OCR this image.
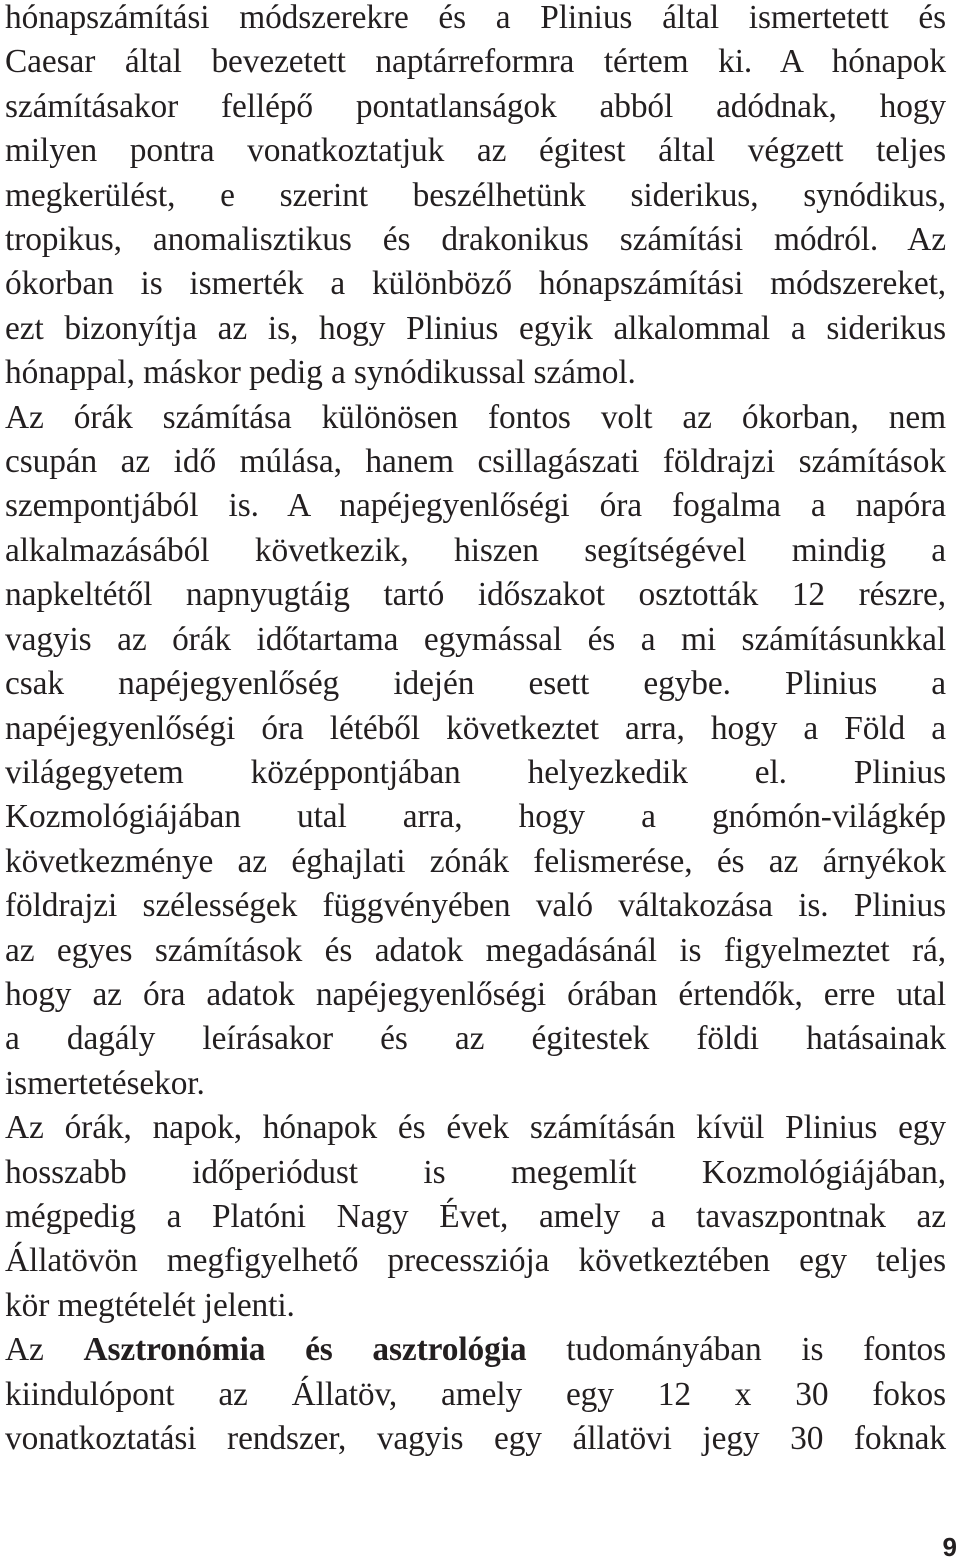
hónapszámítási módszerekre és a Plinius által ismertetett és
Caesar által bevezetett naptárreformra tértem ki. A hónapok
számításakor fellépő pontatlanságok abból adódnak, hogy
milyen pontra vonatkoztatjuk az égitest által végzett teljes
megkerülést, e szerint beszélhetünk siderikus, synódikus,
tropikus, anomalisztikus és drakonikus számítási módról. Az
ókorban is ismerték a különböző hónapszámítási módszereket,
ezt bizonyítja az is, hogy Plinius egyik alkalommal a siderikus
hónappal, máskor pedig a synódikussal számol.

Az órák számítása különösen fontos volt az ókorban, nem
csupán az idő múlása, hanem csillagászati földrajzi számítások
szempontjából is. A napéjegyenlőségi óra fogalma a napóra
alkalmazásából következik, hiszen segítségével mindig a
napkeltétől napnyugtáig tartó időszakot osztották 12 részre,
vagyis az órák időtartama egymással és a mi számításunkkal
csak napéjegyenlőség idején esett egybe. Plinius a
napéjegyenlőségi óra létéből következtet arra, hogy a Föld a
világegyetem középpontjában helyezkedik el. Plinius
Kozmológiájában utal arra, hogy a gnómón-világkép
következménye az éghajlati zónák felismerése, és az árnyékok
földrajzi szélességek függvényében való váltakozása is. Plinius
az egyes számítások és adatok megadásánál is figyelmeztet rá,
hogy az óra adatok napéjegyenlőségi órában értendők, erre utal
a dagály leírásakor és az égitestek földi hatásainak
ismertetésekor.

Az órák, napok, hónapok és évek számításán kívül Plinius egy
hosszabb időperiódust is megemlít Kozmológiájában,
mégpedig a Platóni Nagy Évet, amely a tavaszpontnak az
Állatövön megfigyelhető precessziója következtében egy teljes
kör megtételét jelenti.

Az Asztronómia és asztrológia tudományában is fontos
kiindulópont az Állatöv, amely egy 12 x 30 fokos
vonatkoztatási rendszer, vagyis egy állatövi jegy 30 foknak

9
